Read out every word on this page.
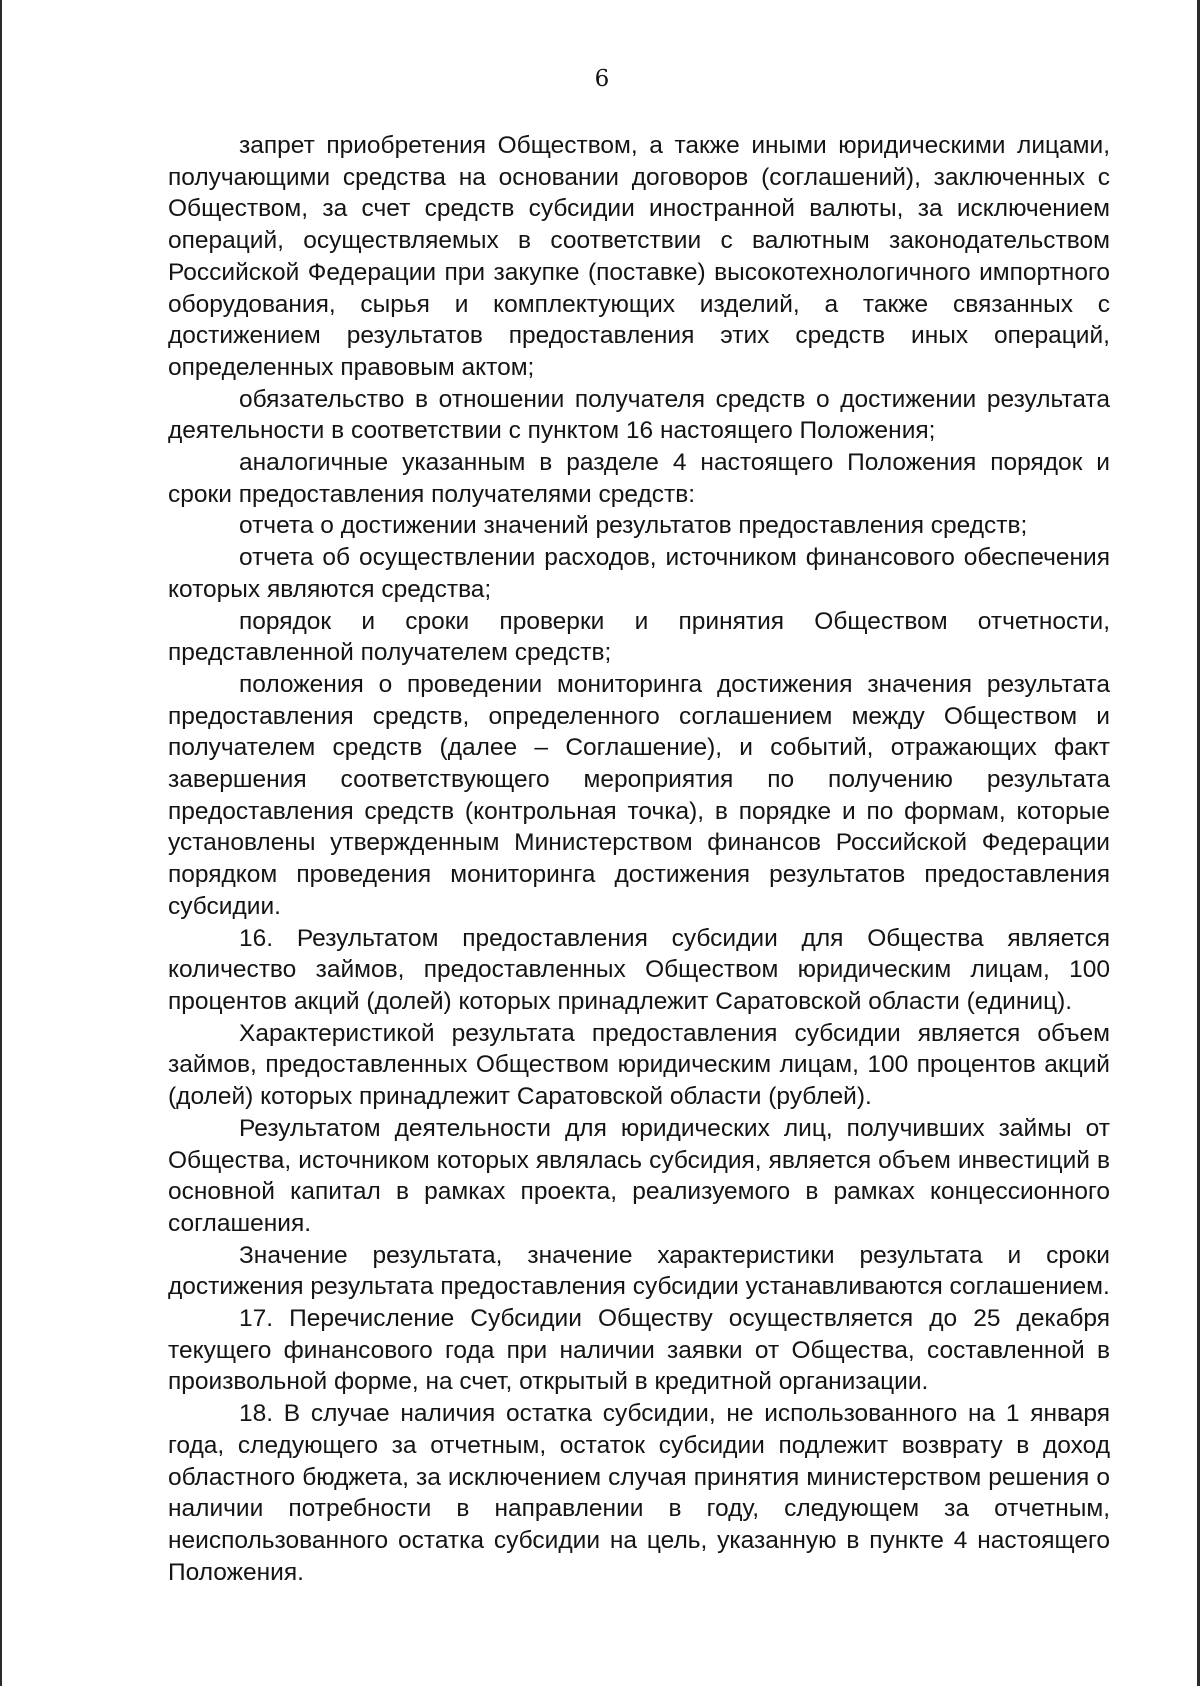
6

запрет приобретения Обществом, а также иными юридическими лицами, получающими средства на основании договоров (соглашений), заключенных с Обществом, за счет средств субсидии иностранной валюты, за исключением операций, осуществляемых в соответствии с валютным законодательством Российской Федерации при закупке (поставке) высокотехнологичного импортного оборудования, сырья и комплектующих изделий, а также связанных с достижением результатов предоставления этих средств иных операций, определенных правовым актом;

обязательство в отношении получателя средств о достижении результата деятельности в соответствии с пунктом 16 настоящего Положения;

аналогичные указанным в разделе 4 настоящего Положения порядок и сроки предоставления получателями средств:

отчета о достижении значений результатов предоставления средств;

отчета об осуществлении расходов, источником финансового обеспечения которых являются средства;

порядок и сроки проверки и принятия Обществом отчетности, представленной получателем средств;

положения о проведении мониторинга достижения значения результата предоставления средств, определенного соглашением между Обществом и получателем средств (далее – Соглашение), и событий, отражающих факт завершения соответствующего мероприятия по получению результата предоставления средств (контрольная точка), в порядке и по формам, которые установлены утвержденным Министерством финансов Российской Федерации порядком проведения мониторинга достижения результатов предоставления субсидии.

16. Результатом предоставления субсидии для Общества является количество займов, предоставленных Обществом юридическим лицам, 100 процентов акций (долей) которых принадлежит Саратовской области (единиц).

Характеристикой результата предоставления субсидии является объем займов, предоставленных Обществом юридическим лицам, 100 процентов акций (долей) которых принадлежит Саратовской области (рублей).

Результатом деятельности для юридических лиц, получивших займы от Общества, источником которых являлась субсидия, является объем инвестиций в основной капитал в рамках проекта, реализуемого в рамках концессионного соглашения.

Значение результата, значение характеристики результата и сроки достижения результата предоставления субсидии устанавливаются соглашением.

17. Перечисление Субсидии Обществу осуществляется до 25 декабря текущего финансового года при наличии заявки от Общества, составленной в произвольной форме, на счет, открытый в кредитной организации.

18. В случае наличия остатка субсидии, не использованного на 1 января года, следующего за отчетным, остаток субсидии подлежит возврату в доход областного бюджета, за исключением случая принятия министерством решения о наличии потребности в направлении в году, следующем за отчетным, неиспользованного остатка субсидии на цель, указанную в пункте 4 настоящего Положения.
